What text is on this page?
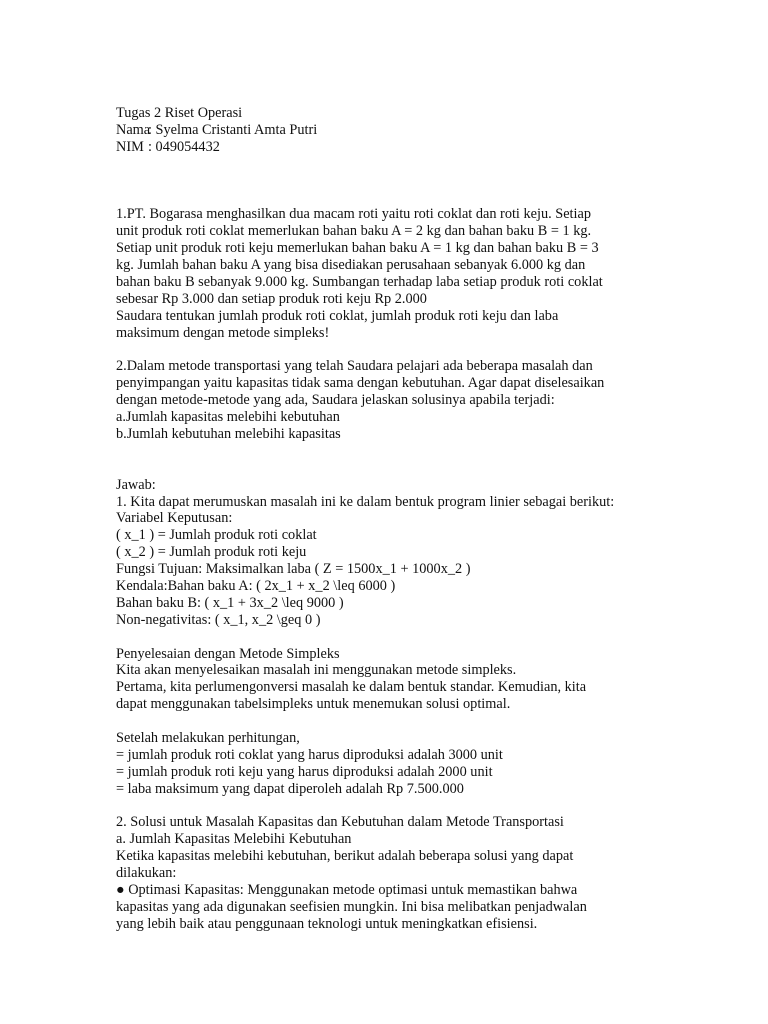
Tugas 2 Riset Operasi
Nama
: Syelma Cristanti Amta Putri
NIM : 049054432
1.PT. Bogarasa menghasilkan dua macam roti yaitu roti coklat dan roti keju. Setiap
unit produk roti coklat memerlukan bahan baku A = 2 kg dan bahan baku B = 1 kg.
Setiap unit produk roti keju memerlukan bahan baku A = 1 kg dan bahan baku B = 3
kg. Jumlah bahan baku A yang bisa disediakan perusahaan sebanyak 6.000 kg dan
bahan baku B sebanyak 9.000 kg. Sumbangan terhadap laba setiap produk roti coklat
sebesar Rp 3.000 dan setiap produk roti keju Rp 2.000
Saudara tentukan jumlah produk roti coklat, jumlah produk roti keju dan laba
maksimum dengan metode simpleks!
2.Dalam metode transportasi yang telah Saudara pelajari ada beberapa masalah dan
penyimpangan yaitu kapasitas tidak sama dengan kebutuhan. Agar dapat diselesaikan
dengan metode-metode yang ada, Saudara jelaskan solusinya apabila terjadi:
a.Jumlah kapasitas melebihi kebutuhan
b.Jumlah kebutuhan melebihi kapasitas
Jawab:
1. Kita dapat merumuskan masalah ini ke dalam bentuk program linier sebagai berikut:
Variabel Keputusan:
( x_1 ) = Jumlah produk roti coklat
( x_2 ) = Jumlah produk roti keju
Fungsi Tujuan: Maksimalkan laba ( Z = 1500x_1 + 1000x_2 )
Kendala:Bahan baku A: ( 2x_1 + x_2 \leq 6000 )
Bahan baku B: ( x_1 + 3x_2 \leq 9000 )
Non-negativitas: ( x_1, x_2 \geq 0 )
Penyelesaian dengan Metode Simpleks
Kita akan menyelesaikan masalah ini menggunakan metode simpleks.
Pertama, kita perlumengonversi masalah ke dalam bentuk standar. Kemudian, kita
dapat menggunakan tabelsimpleks untuk menemukan solusi optimal.
Setelah melakukan perhitungan,
= jumlah produk roti coklat yang harus diproduksi adalah 3000 unit
= jumlah produk roti keju yang harus diproduksi adalah 2000 unit
= laba maksimum yang dapat diperoleh adalah Rp 7.500.000
2. Solusi untuk Masalah Kapasitas dan Kebutuhan dalam Metode Transportasi
a. Jumlah Kapasitas Melebihi Kebutuhan
Ketika kapasitas melebihi kebutuhan, berikut adalah beberapa solusi yang dapat
dilakukan:
● Optimasi Kapasitas: Menggunakan metode optimasi untuk memastikan bahwa
kapasitas yang ada digunakan seefisien mungkin. Ini bisa melibatkan penjadwalan
yang lebih baik atau penggunaan teknologi untuk meningkatkan efisiensi.
